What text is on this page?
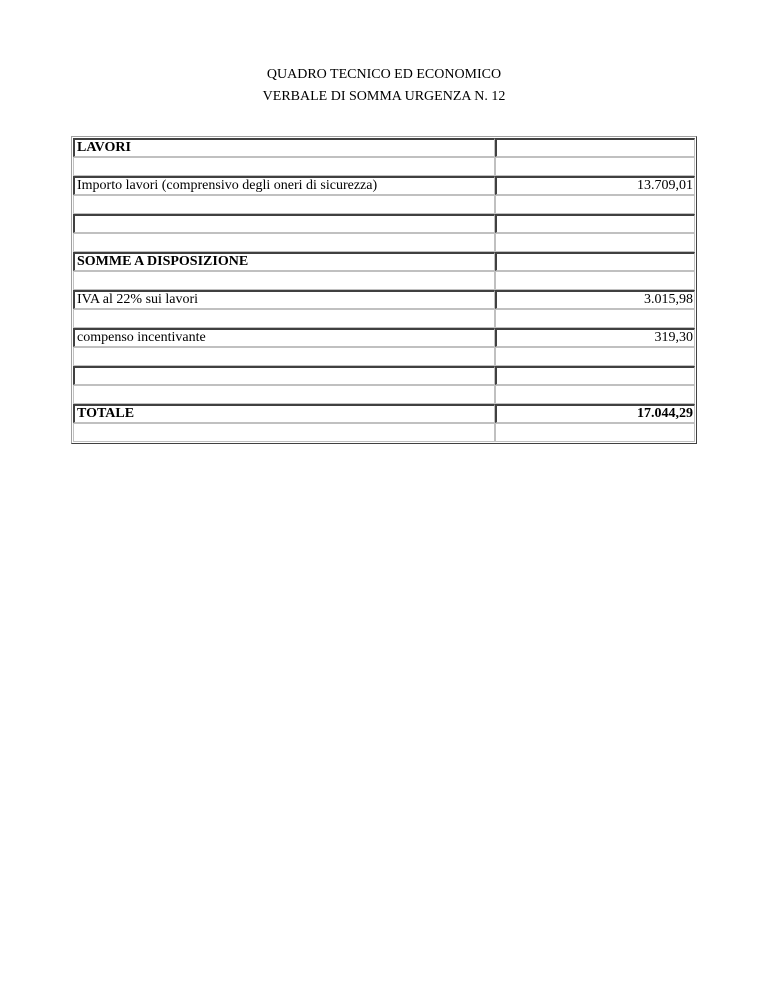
QUADRO TECNICO ED ECONOMICO
VERBALE DI SOMMA URGENZA N. 12
LAVORI	

Importo lavori (comprensivo degli oneri di sicurezza)	13.709,01

SOMME A DISPOSIZIONE	

IVA al 22% sui lavori	3.015,98

compenso incentivante	319,30

TOTALE	17.044,29
